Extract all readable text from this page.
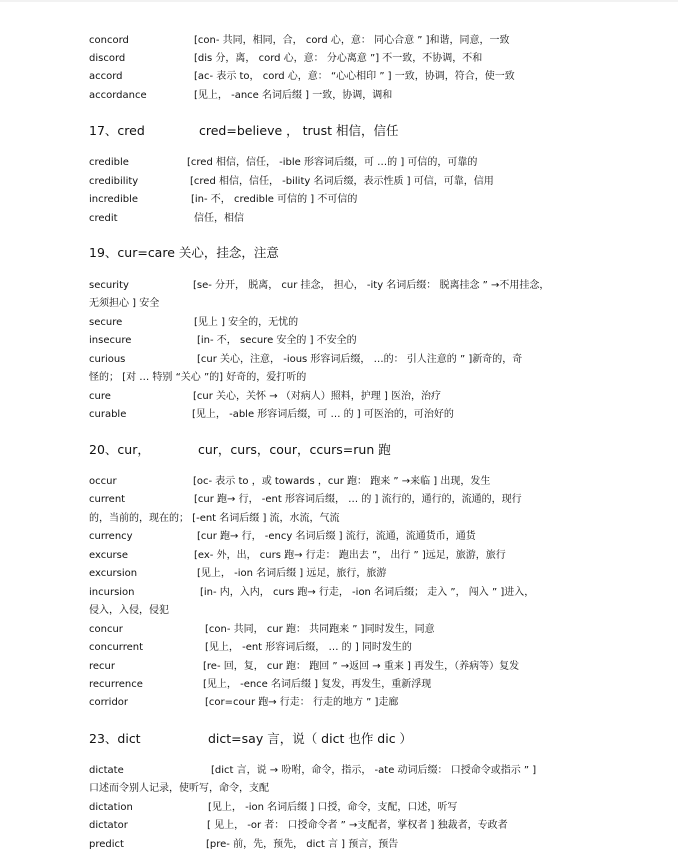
concord	[con- 共同，相同，合， cord 心，意： 同心合意 ” ]和谐，同意，一致
discord	[dis 分，离， cord 心，意： 分心离意 ”] 不一致，不协调，不和
accord	[ac- 表示 to， cord 心，意： “心心相印 ” ] 一致，协调，符合，使一致
accordance	[见上， -ance 名词后缀 ] 一致，协调，调和
17、cred	cred=believe ， trust 相信，信任
credible	[cred 相信，信任， -ible 形容词后缀，可 …的 ] 可信的，可靠的
credibility	[cred 相信，信任， -bility 名词后缀，表示性质 ] 可信，可靠，信用
incredible	[in- 不， credible 可信的 ] 不可信的
credit	信任，相信
19、cur=care 关心，挂念，注意
security	[se- 分开， 脱离， cur 挂念， 担心， -ity 名词后缀： 脱离挂念 ” →不用挂念，
无须担心 ] 安全
secure	[见上 ] 安全的，无忧的
insecure	[in- 不， secure 安全的 ] 不安全的
curious	[cur 关心，注意， -ious 形容词后缀， …的： 引人注意的 ” ]新奇的，奇
怪的； [对 … 特别 “关心 ”的] 好奇的，爱打听的
cure	[cur 关心，关怀 → （对病人）照料，护理 ] 医治，治疗
curable	[见上， -able 形容词后缀，可 … 的 ] 可医治的，可治好的
20、cur，	cur，curs，cour，ccurs=run 跑
occur	[oc- 表示 to ，或 towards ，cur 跑： 跑来 ” →来临 ] 出现，发生
current	[cur 跑→ 行， -ent 形容词后缀， … 的 ] 流行的，通行的，流通的，现行
的，当前的，现在的； [-ent 名词后缀 ] 流，水流，气流
currency	[cur 跑→ 行， -ency 名词后缀 ] 流行，流通，流通货币，通货
excurse	[ex- 外，出， curs 跑→ 行走： 跑出去 ”， 出行 ” ]远足，旅游，旅行
excursion	[见上， -ion 名词后缀 ] 远足，旅行，旅游
incursion	[in- 内，入内， curs 跑→ 行走， -ion 名词后缀； 走入 ”， 闯入 ” ]进入，
侵入，入侵，侵犯
concur	[con- 共同， cur 跑： 共同跑来 ” ]同时发生，同意
concurrent	[见上， -ent 形容词后缀， … 的 ] 同时发生的
recur	[re- 回，复， cur 跑： 跑回 ” →返回 → 重来 ] 再发生，（养病等）复发
recurrence	[见上， -ence 名词后缀 ] 复发，再发生，重新浮现
corridor	[cor=cour 跑→ 行走： 行走的地方 ” ]走廊
23、dict	dict=say 言，说（ dict 也作 dic ）
dictate	[dict 言，说 → 吩咐，命令，指示， -ate 动词后缀： 口授命令或指示 ” ]
口述而令别人记录，使听写，命令，支配
dictation	[见上， -ion 名词后缀 ] 口授，命令，支配，口述，听写
dictator	[ 见上， -or 者： 口授命令者 ” →支配者，掌权者 ] 独裁者，专政者
predict	[pre- 前，先，预先， dict 言 ] 预言，预告
